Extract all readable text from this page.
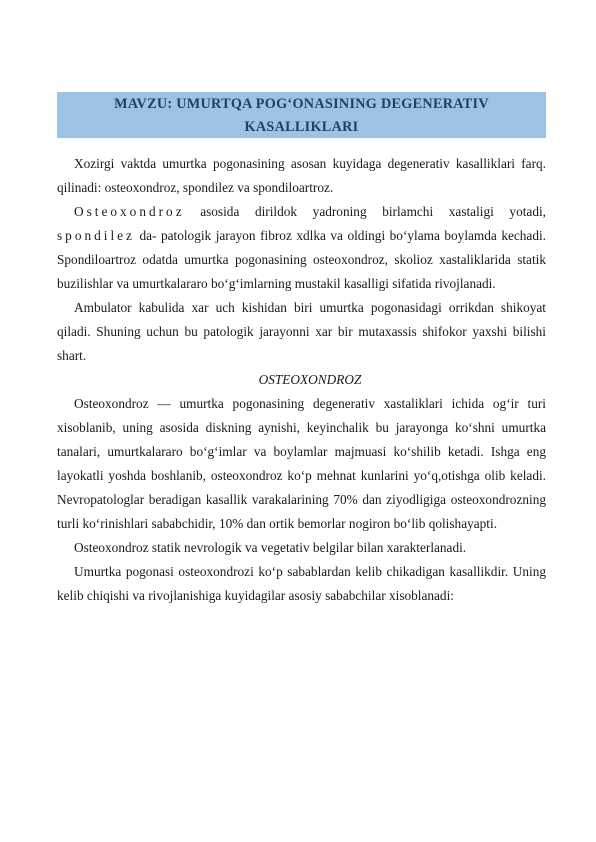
MAVZU: UMURTQA POG‘ONASINING DEGENERATIV
KASALLIKLARI

Xozirgi vaktda umurtka pogonasining asosan kuyidaga degenerativ kasalliklari farq. qilinadi: osteoxondroz, spondilez va spondiloartroz.

Osteoxondroz asosida dirildok yadroning birlamchi xastaligi yotadi, spondilez da- patologik jarayon fibroz xdlka va oldingi bo‘ylama boylamda kechadi. Spondiloartroz odatda umurtka pogonasining osteoxondroz, skolioz xastaliklarida statik buzilishlar va umurtkalararo bo‘g‘imlarning mustakil kasalligi sifatida rivojlanadi.

Ambulator kabulida xar uch kishidan biri umurtka pogonasidagi orrikdan shikoyat qiladi. Shuning uchun bu patologik jarayonni xar bir mutaxassis shifokor yaxshi bilishi shart.

OSTEOXONDROZ

Osteoxondroz — umurtka pogonasining degenerativ xastaliklari ichida og‘ir turi xisoblanib, uning asosida diskning aynishi, keyinchalik bu jarayonga ko‘shni umurtka tanalari, umurtkalararo bo‘g‘imlar va boylamlar majmuasi ko‘shilib ketadi. Ishga eng layokatli yoshda boshlanib, osteoxondroz ko‘p mehnat kunlarini yo‘q,otishga olib keladi. Nevropatologlar beradigan kasallik varakalarining 70% dan ziyodligiga osteoxondrozning turli ko‘rinishlari sababchidir, 10% dan ortik bemorlar nogiron bo‘lib qolishayapti.

Osteoxondroz statik nevrologik va vegetativ belgilar bilan xarakterlanadi.

Umurtka pogonasi osteoxondrozi ko‘p sabablardan kelib chikadigan kasallikdir. Uning kelib chiqishi va rivojlanishiga kuyidagilar asosiy sababchilar xisoblanadi:
